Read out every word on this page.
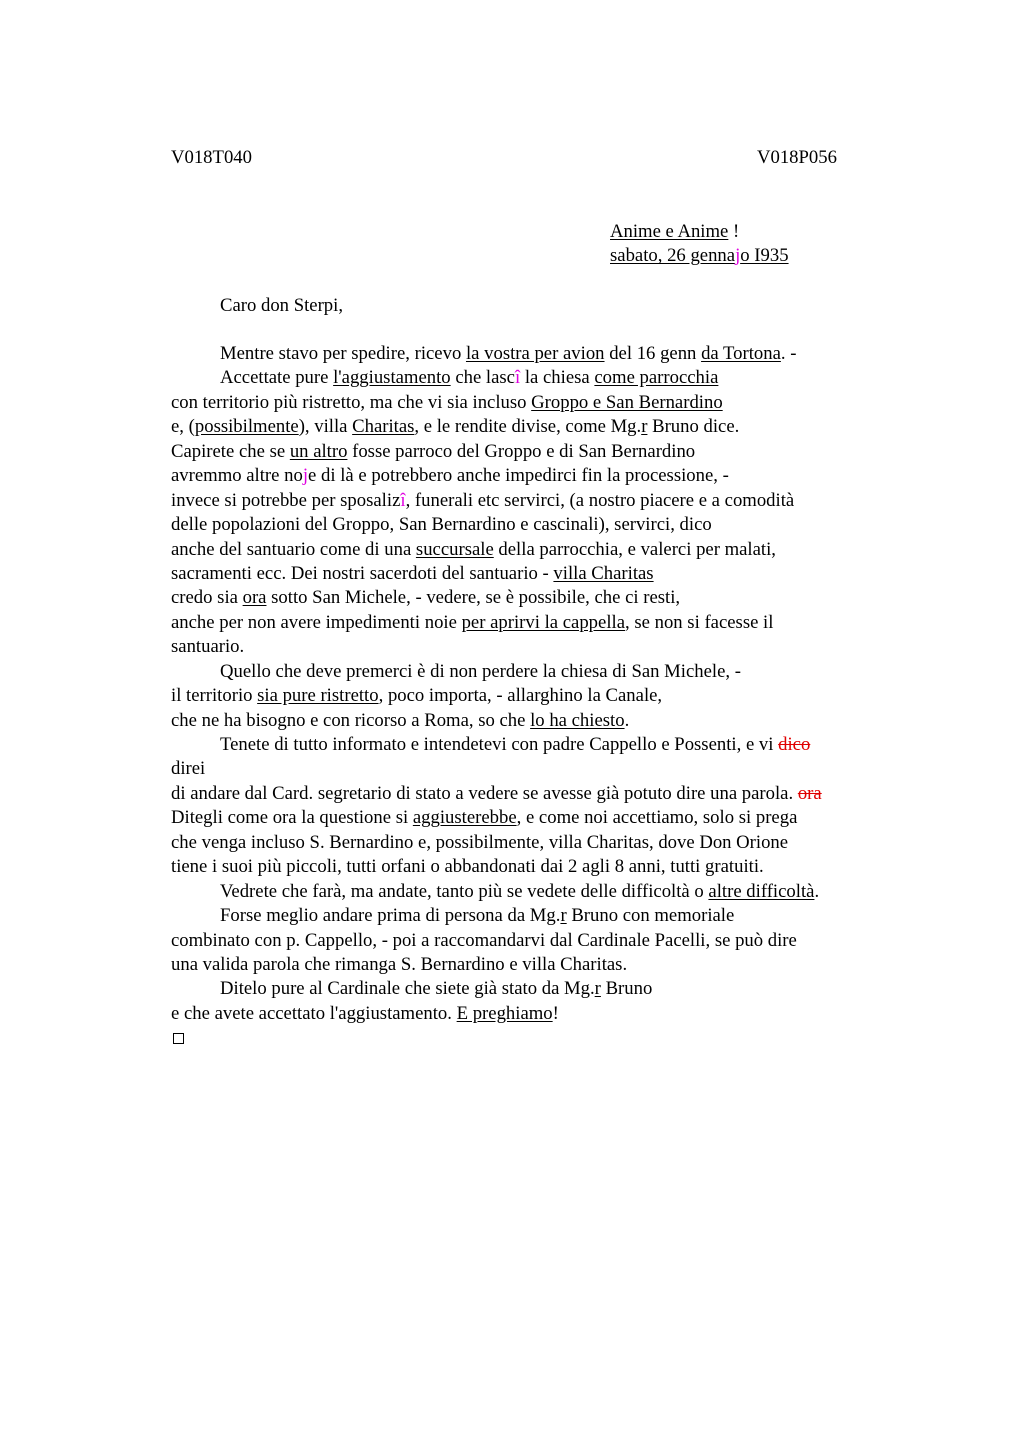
V018T040	V018P056
Anime e Anime !
sabato, 26 gennajo I935
Caro don Sterpi,
Mentre stavo per spedire, ricevo la vostra per avion del 16 genn da Tortona. -
Accettate pure l'aggiustamento che lascî la chiesa come parrocchia
con territorio più ristretto, ma che vi sia incluso Groppo e San Bernardino
e, (possibilmente), villa Charitas, e le rendite divise, come Mg.r Bruno dice.
Capirete che se un altro fosse parroco del Groppo e di San Bernardino
avremmo altre noje di là e potrebbero anche impedirci fin la processione, -
invece si potrebbe per sposalizî, funerali etc servirci, (a nostro piacere e a comodità
delle popolazioni del Groppo, San Bernardino e cascinali), servirci, dico
anche del santuario come di una succursale della parrocchia, e valerci per malati,
sacramenti ecc. Dei nostri sacerdoti del santuario - villa Charitas
credo sia ora sotto San Michele, - vedere, se è possibile, che ci resti,
anche per non avere impedimenti noie per aprirvi la cappella, se non si facesse il
santuario.
Quello che deve premerci è di non perdere la chiesa di San Michele, -
il territorio sia pure ristretto, poco importa, - allarghino la Canale,
che ne ha bisogno e con ricorso a Roma, so che lo ha chiesto.
Tenete di tutto informato e intendetevi con padre Cappello e Possenti, e vi dico
direi
di andare dal Card. segretario di stato a vedere se avesse già potuto dire una parola. ora
Ditegli come ora la questione si aggiusterebbe, e come noi accettiamo, solo si prega
che venga incluso S. Bernardino e, possibilmente, villa Charitas, dove Don Orione
tiene i suoi più piccoli, tutti orfani o abbandonati dai 2 agli 8 anni, tutti gratuiti.
Vedrete che farà, ma andate, tanto più se vedete delle difficoltà o altre difficoltà.
Forse meglio andare prima di persona da Mg.r Bruno con memoriale
combinato con p. Cappello, - poi a raccomandarvi dal Cardinale Pacelli, se può dire
una valida parola che rimanga S. Bernardino e villa Charitas.
Ditelo pure al Cardinale che siete già stato da Mg.r Bruno
e che avete accettato l'aggiustamento. E preghiamo!
